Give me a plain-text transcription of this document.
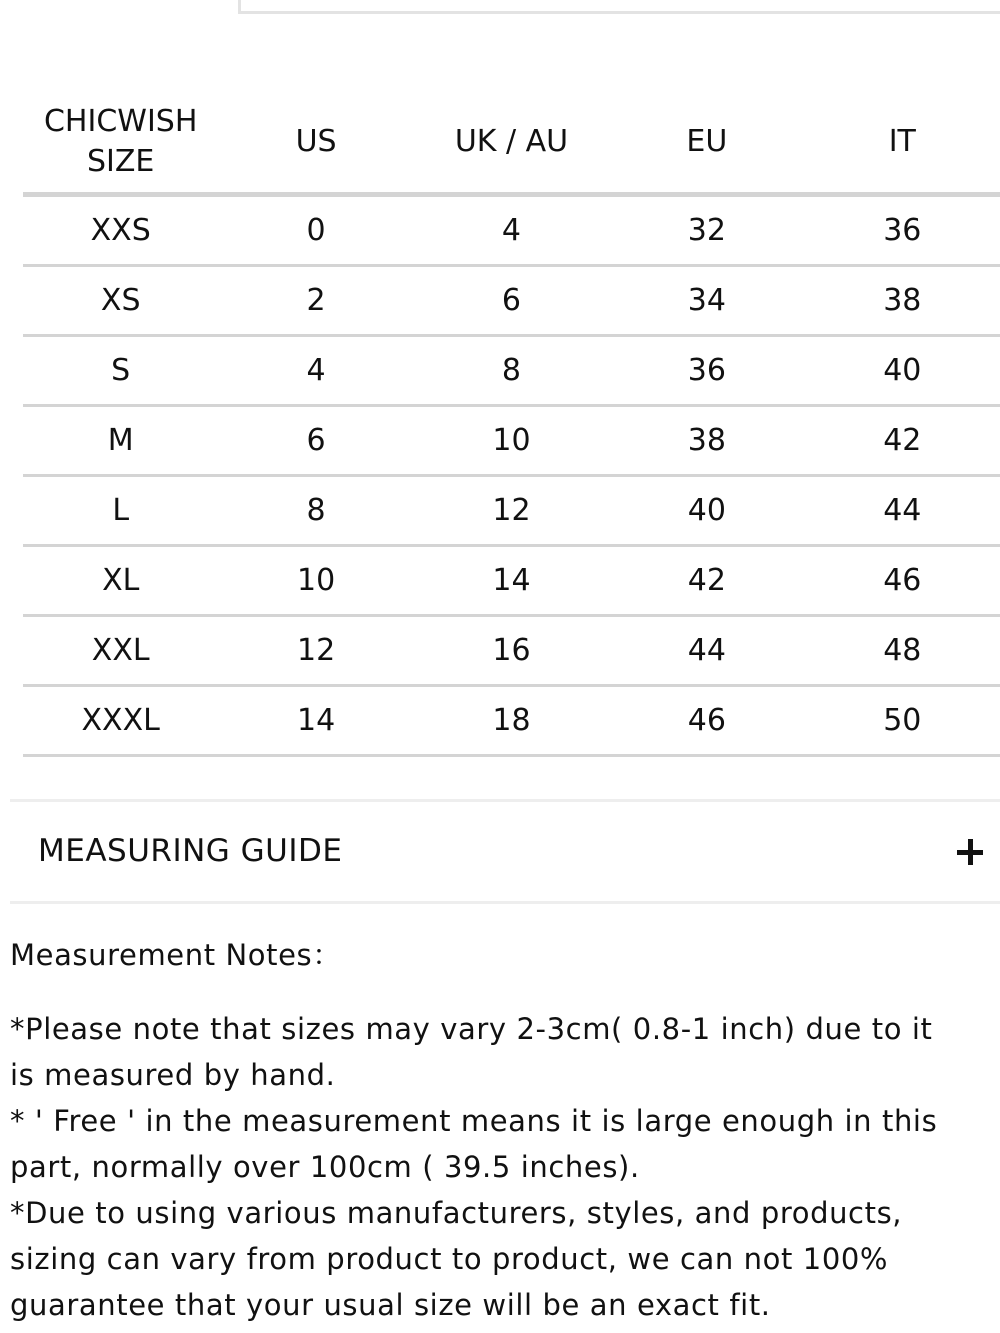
CHICWISH
SIZE	US	UK / AU	EU	IT
XXS	0	4	32	36
XS	2	6	34	38
S	4	8	36	40
M	6	10	38	42
L	8	12	40	44
XL	10	14	42	46
XXL	12	16	44	48
XXXL	14	18	46	50
MEASURING GUIDE

Measurement Notes：

*Please note that sizes may vary 2-3cm( 0.8-1 inch) due to it

is measured by hand.

* ' Free ' in the measurement means it is large enough in this

part, normally over 100cm ( 39.5 inches).

*Due to using various manufacturers, styles, and products,

sizing can vary from product to product, we can not 100%

guarantee that your usual size will be an exact fit.
